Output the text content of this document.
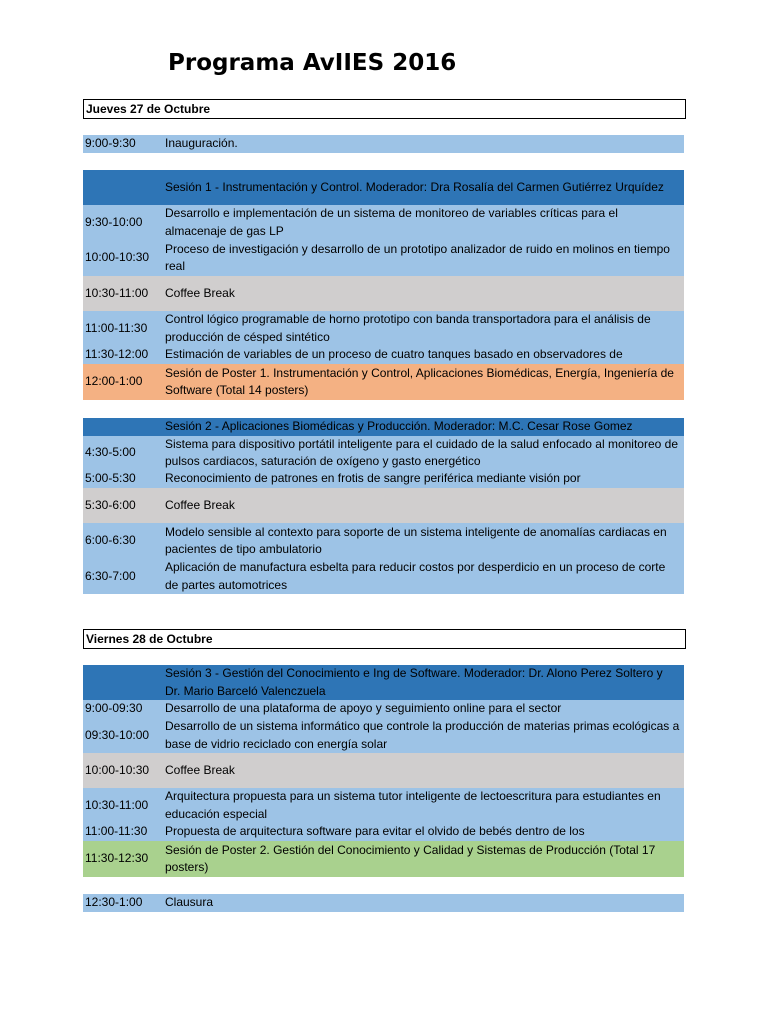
Programa AvIIES 2016
Jueves 27 de Octubre
9:00-9:30 Inauguración.
Sesión 1 - Instrumentación y Control. Moderador: Dra Rosalía del Carmen Gutiérrez Urquídez
9:30-10:00
Desarrollo e implementación de un sistema de monitoreo de variables críticas para el almacenaje de gas LP
10:00-10:30
Proceso de investigación y desarrollo de un prototipo analizador de ruido en molinos en tiempo real
10:30-11:00 Coffee Break
11:00-11:30
Control lógico programable de horno prototipo con banda transportadora para el análisis de producción de césped sintético
11:30-12:00 Estimación de variables de un proceso de cuatro tanques basado en observadores de
12:00-1:00
Sesión de Poster 1. Instrumentación y Control, Aplicaciones Biomédicas, Energía, Ingeniería de Software (Total 14 posters)
Sesión 2 - Aplicaciones Biomédicas y Producción. Moderador: M.C. Cesar Rose Gomez
4:30-5:00
Sistema para dispositivo portátil inteligente para el cuidado de la salud enfocado al monitoreo de pulsos cardiacos, saturación de oxígeno y gasto energético
5:00-5:30 Reconocimiento de patrones en frotis de sangre periférica mediante visión por
5:30-6:00 Coffee Break
6:00-6:30
Modelo sensible al contexto para soporte de un sistema inteligente de anomalías cardiacas en pacientes de tipo ambulatorio
6:30-7:00
Aplicación de manufactura esbelta para reducir costos por desperdicio en un proceso de corte de partes automotrices
Viernes 28 de Octubre
Sesión 3 - Gestión del Conocimiento e Ing de Software. Moderador: Dr. Alono Perez Soltero y Dr. Mario Barceló Valenczuela
9:00-09:30 Desarrollo de una plataforma de apoyo y seguimiento online para el sector
09:30-10:00
Desarrollo de un sistema informático que controle la producción de materias primas ecológicas a base de vidrio reciclado con energía solar
10:00-10:30 Coffee Break
10:30-11:00
Arquitectura propuesta para un sistema tutor inteligente de lectoescritura para estudiantes en educación especial
11:00-11:30 Propuesta de arquitectura software para evitar el olvido de bebés dentro de los
11:30-12:30
Sesión de Poster 2. Gestión del Conocimiento y Calidad y Sistemas de Producción (Total 17 posters)
12:30-1:00 Clausura
